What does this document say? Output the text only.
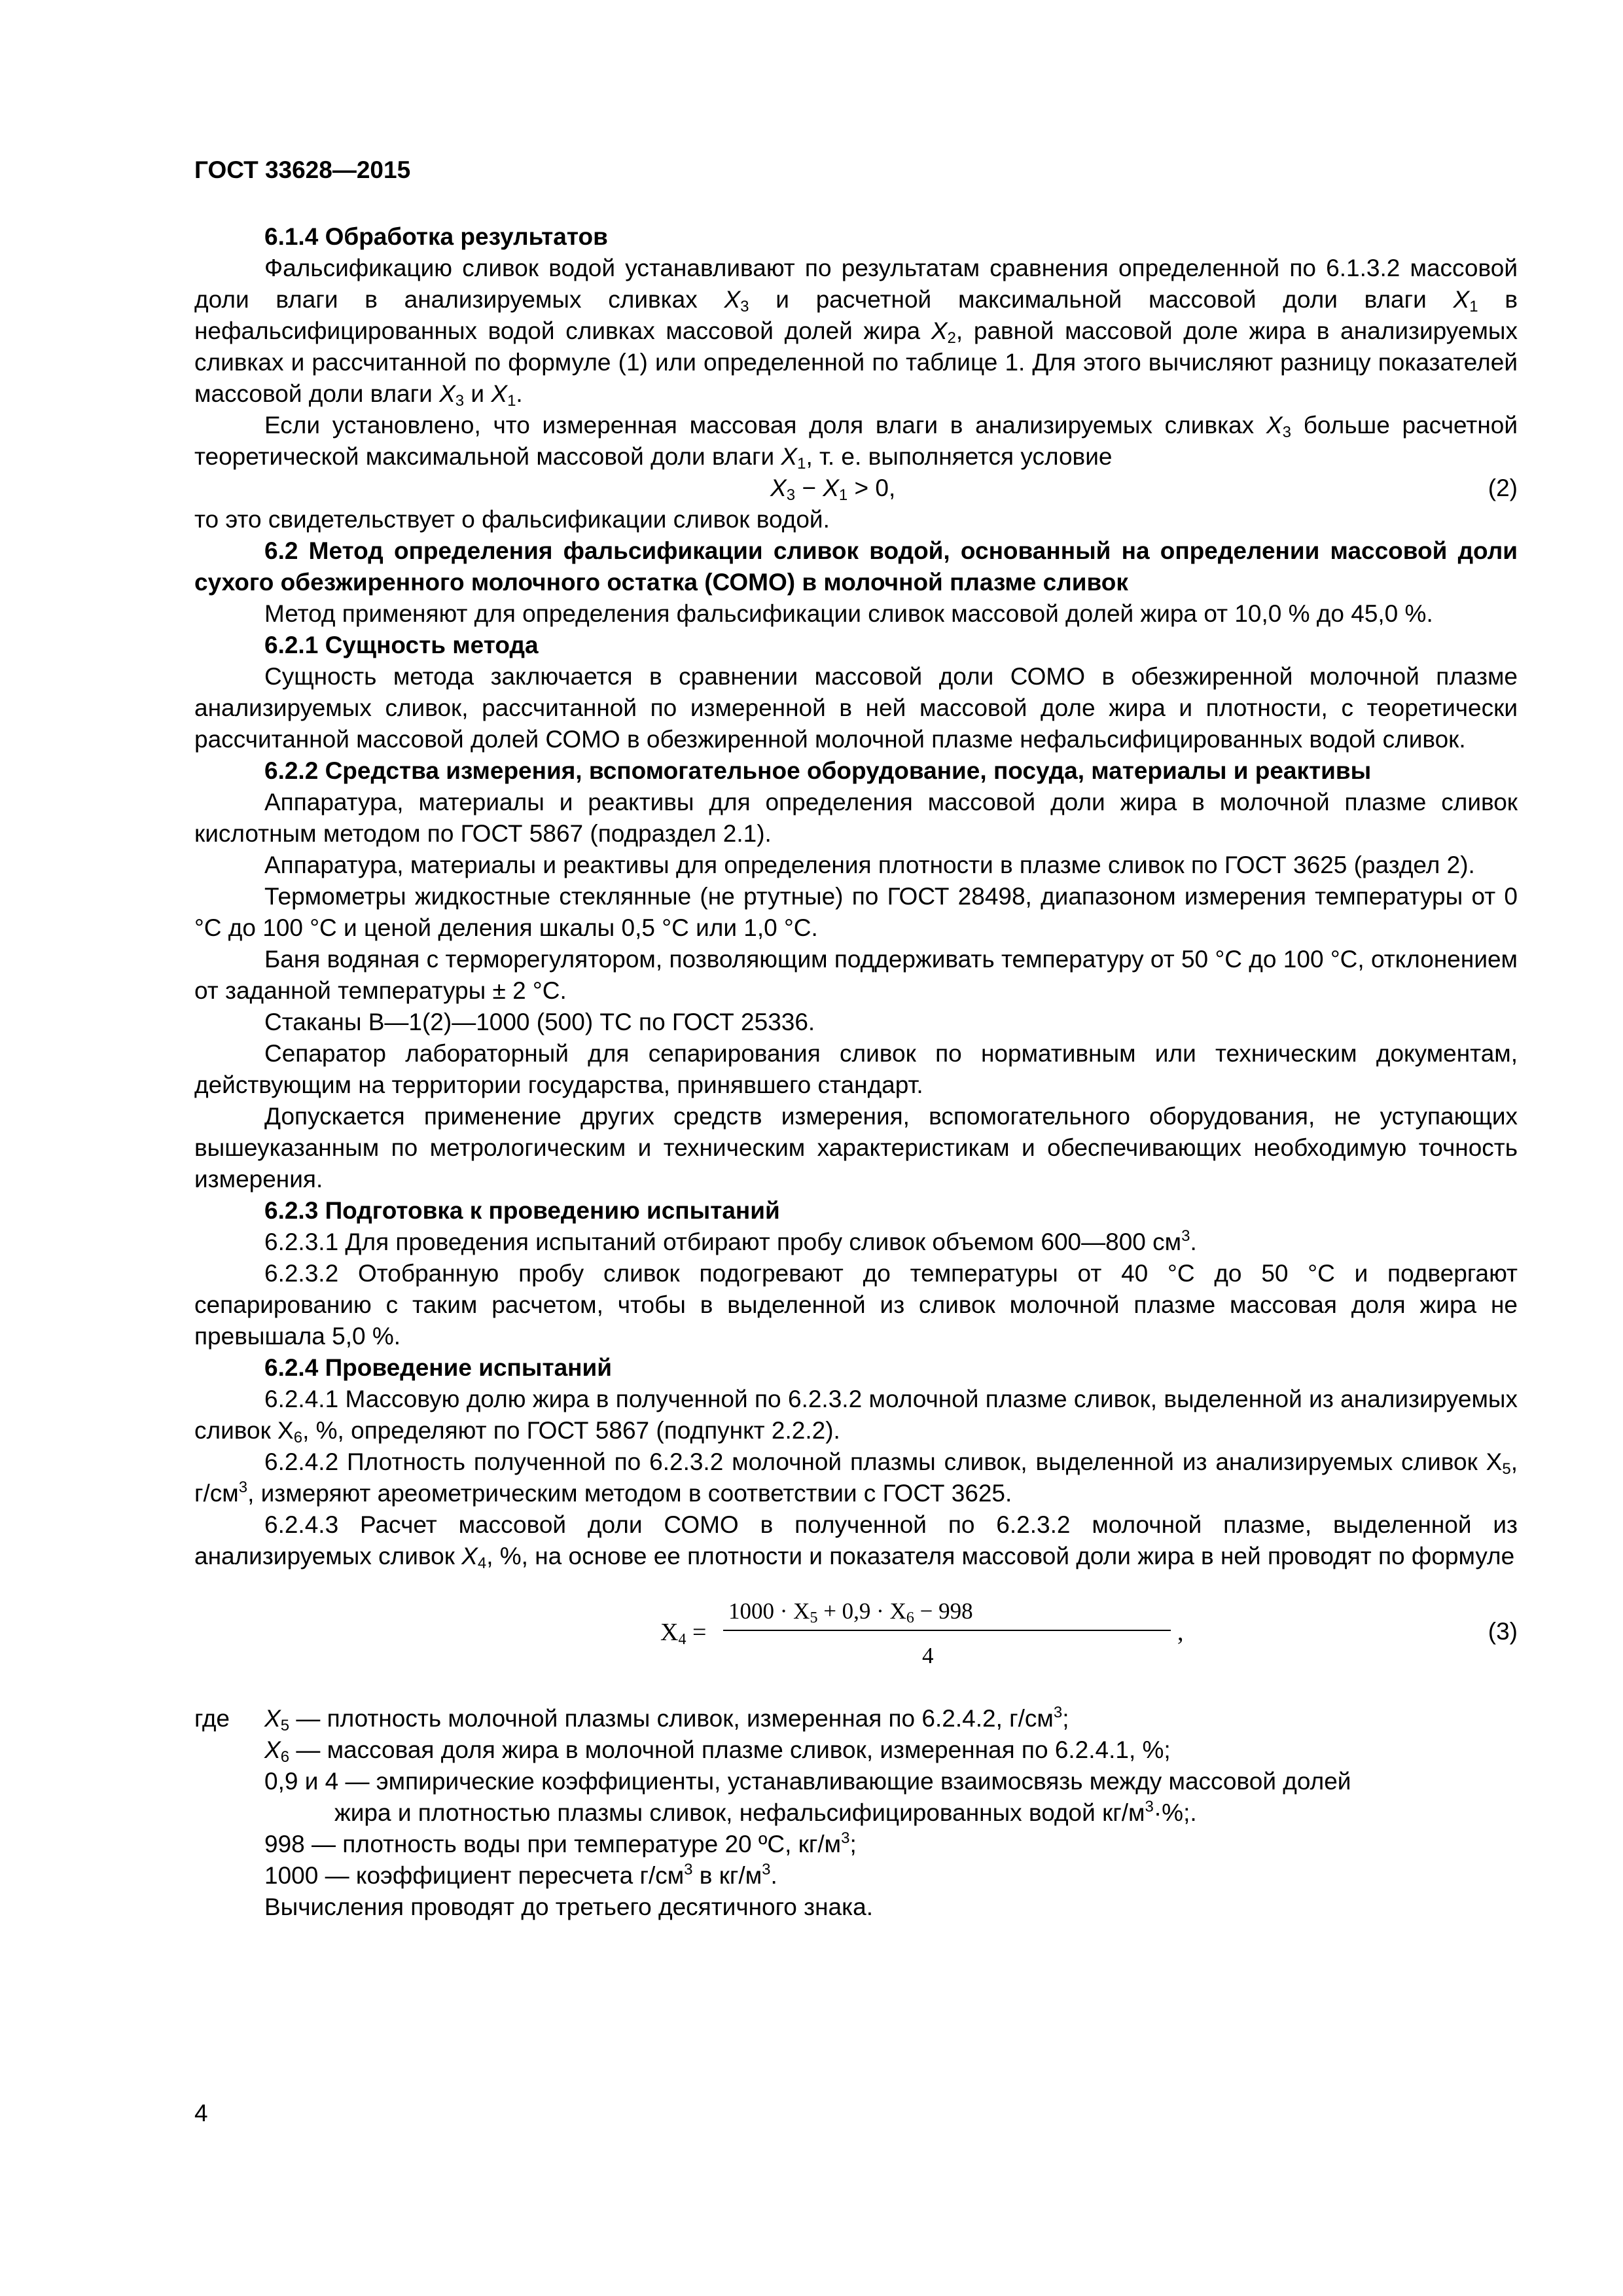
ГОСТ 33628—2015

6.1.4 Обработка результатов

Фальсификацию сливок водой устанавливают по результатам сравнения определенной по 6.1.3.2 массовой доли влаги в анализируемых сливках $X_3$ и расчетной максимальной массовой доли влаги $X_1$ в нефальсифицированных водой сливках массовой долей жира $X_2$, равной массовой доле жира в анализируемых сливках и рассчитанной по формуле (1) или определенной по таблице 1. Для этого вычисляют разницу показателей массовой доли влаги $X_3$ и $X_1$.

Если установлено, что измеренная массовая доля влаги в анализируемых сливках $X_3$ больше расчетной теоретической максимальной массовой доли влаги $X_1$, т. е. выполняется условие

$X_3 - X_1 > 0$,	(2)

то это свидетельствует о фальсификации сливок водой.

6.2 Метод определения фальсификации сливок водой, основанный на определении массовой доли сухого обезжиренного молочного остатка (СОМО) в молочной плазме сливок

Метод применяют для определения фальсификации сливок массовой долей жира от 10,0 % до 45,0 %.

6.2.1 Сущность метода

Сущность метода заключается в сравнении массовой доли СОМО в обезжиренной молочной плазме анализируемых сливок, рассчитанной по измеренной в ней массовой доле жира и плотности, с теоретически рассчитанной массовой долей СОМО в обезжиренной молочной плазме нефальсифицированных водой сливок.

6.2.2 Средства измерения, вспомогательное оборудование, посуда, материалы и реактивы

Аппаратура, материалы и реактивы для определения массовой доли жира в молочной плазме сливок кислотным методом по ГОСТ 5867 (подраздел 2.1).

Аппаратура, материалы и реактивы для определения плотности в плазме сливок по ГОСТ 3625 (раздел 2).

Термометры жидкостные стеклянные (не ртутные) по ГОСТ 28498, диапазоном измерения температуры от 0 °С до 100 °С и ценой деления шкалы 0,5 °С или 1,0 °С.

Баня водяная с терморегулятором, позволяющим поддерживать температуру от 50 °С до 100 °С, отклонением от заданной температуры ± 2 °С.

Стаканы В—1(2)—1000 (500) ТС по ГОСТ 25336.

Сепаратор лабораторный для сепарирования сливок по нормативным или техническим документам, действующим на территории государства, принявшего стандарт.

Допускается применение других средств измерения, вспомогательного оборудования, не уступающих вышеуказанным по метрологическим и техническим характеристикам и обеспечивающих необходимую точность измерения.

6.2.3 Подготовка к проведению испытаний

6.2.3.1 Для проведения испытаний отбирают пробу сливок объемом 600—800 $см^3$.

6.2.3.2 Отобранную пробу сливок подогревают до температуры от 40 °С до 50 °С и подвергают сепарированию с таким расчетом, чтобы в выделенной из сливок молочной плазме массовая доля жира не превышала 5,0 %.

6.2.4 Проведение испытаний

6.2.4.1 Массовую долю жира в полученной по 6.2.3.2 молочной плазме сливок, выделенной из анализируемых сливок $Х_6$, %, определяют по ГОСТ 5867 (подпункт 2.2.2).

6.2.4.2 Плотность полученной по 6.2.3.2 молочной плазмы сливок, выделенной из анализируемых сливок $Х_5$, $г/см^3$, измеряют ареометрическим методом в соответствии с ГОСТ 3625.

6.2.4.3 Расчет массовой доли СОМО в полученной по 6.2.3.2 молочной плазме, выделенной из анализируемых сливок $X_4$, %, на основе ее плотности и показателя массовой доли жира в ней проводят по формуле

$X_4$ =
$1000 \cdot X_5 + 0,9 \cdot X_6 - 998$
4
,	(3)
где	$X_5$ — плотность молочной плазмы сливок, измеренная по 6.2.4.2, $г/см^3$;
$X_6$ — массовая доля жира в молочной плазме сливок, измеренная по 6.2.4.1, %;
0,9 и 4 — эмпирические коэффициенты, устанавливающие взаимосвязь между массовой долей
жира и плотностью плазмы сливок, нефальсифицированных водой $кг/м^3\cdot\%$;.
998 — плотность воды при температуре 20 ºС, $кг/м^3$;
1000 — коэффициент пересчета $г/см^3$ в $кг/м^3$.
Вычисления проводят до третьего десятичного знака.
4
